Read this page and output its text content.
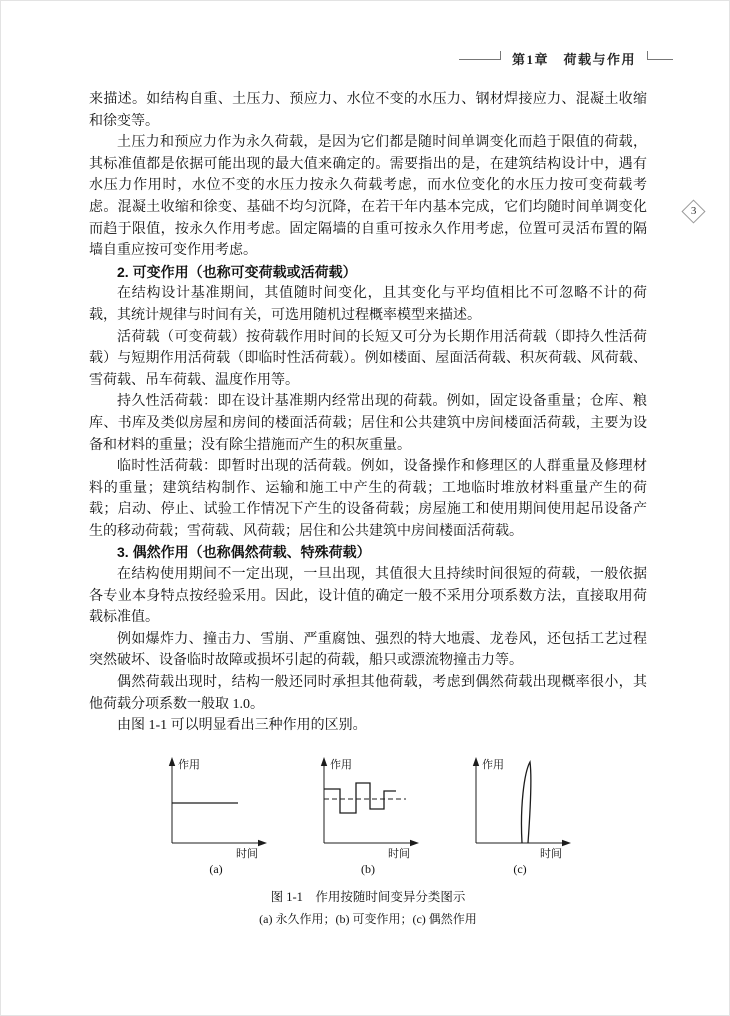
第1章　荷载与作用
3

来描述。如结构自重、土压力、预应力、水位不变的水压力、钢材焊接应力、混凝土收缩和徐变等。

土压力和预应力作为永久荷载，是因为它们都是随时间单调变化而趋于限值的荷载，其标准值都是依据可能出现的最大值来确定的。需要指出的是，在建筑结构设计中，遇有水压力作用时，水位不变的水压力按永久荷载考虑，而水位变化的水压力按可变荷载考虑。混凝土收缩和徐变、基础不均匀沉降，在若干年内基本完成，它们均随时间单调变化而趋于限值，按永久作用考虑。固定隔墙的自重可按永久作用考虑，位置可灵活布置的隔墙自重应按可变作用考虑。

2. 可变作用（也称可变荷载或活荷载）

在结构设计基准期间，其值随时间变化，且其变化与平均值相比不可忽略不计的荷载，其统计规律与时间有关，可选用随机过程概率模型来描述。

活荷载（可变荷载）按荷载作用时间的长短又可分为长期作用活荷载（即持久性活荷载）与短期作用活荷载（即临时性活荷载）。例如楼面、屋面活荷载、积灰荷载、风荷载、雪荷载、吊车荷载、温度作用等。

持久性活荷载：即在设计基准期内经常出现的荷载。例如，固定设备重量；仓库、粮库、书库及类似房屋和房间的楼面活荷载；居住和公共建筑中房间楼面活荷载，主要为设备和材料的重量；没有除尘措施而产生的积灰重量。

临时性活荷载：即暂时出现的活荷载。例如，设备操作和修理区的人群重量及修理材料的重量；建筑结构制作、运输和施工中产生的荷载；工地临时堆放材料重量产生的荷载；启动、停止、试验工作情况下产生的设备荷载；房屋施工和使用期间使用起吊设备产生的移动荷载；雪荷载、风荷载；居住和公共建筑中房间楼面活荷载。

3. 偶然作用（也称偶然荷载、特殊荷载）

在结构使用期间不一定出现，一旦出现，其值很大且持续时间很短的荷载，一般依据各专业本身特点按经验采用。因此，设计值的确定一般不采用分项系数方法，直接取用荷载标准值。

例如爆炸力、撞击力、雪崩、严重腐蚀、强烈的特大地震、龙卷风，还包括工艺过程突然破坏、设备临时故障或损坏引起的荷载，船只或漂流物撞击力等。

偶然荷载出现时，结构一般还同时承担其他荷载，考虑到偶然荷载出现概率很小，其他荷载分项系数一般取 1.0。

由图 1-1 可以明显看出三种作用的区别。

作用
时间
(a)
作用
时间
(b)
作用
时间
(c)
图 1-1　作用按随时间变异分类图示
(a) 永久作用；(b) 可变作用；(c) 偶然作用
